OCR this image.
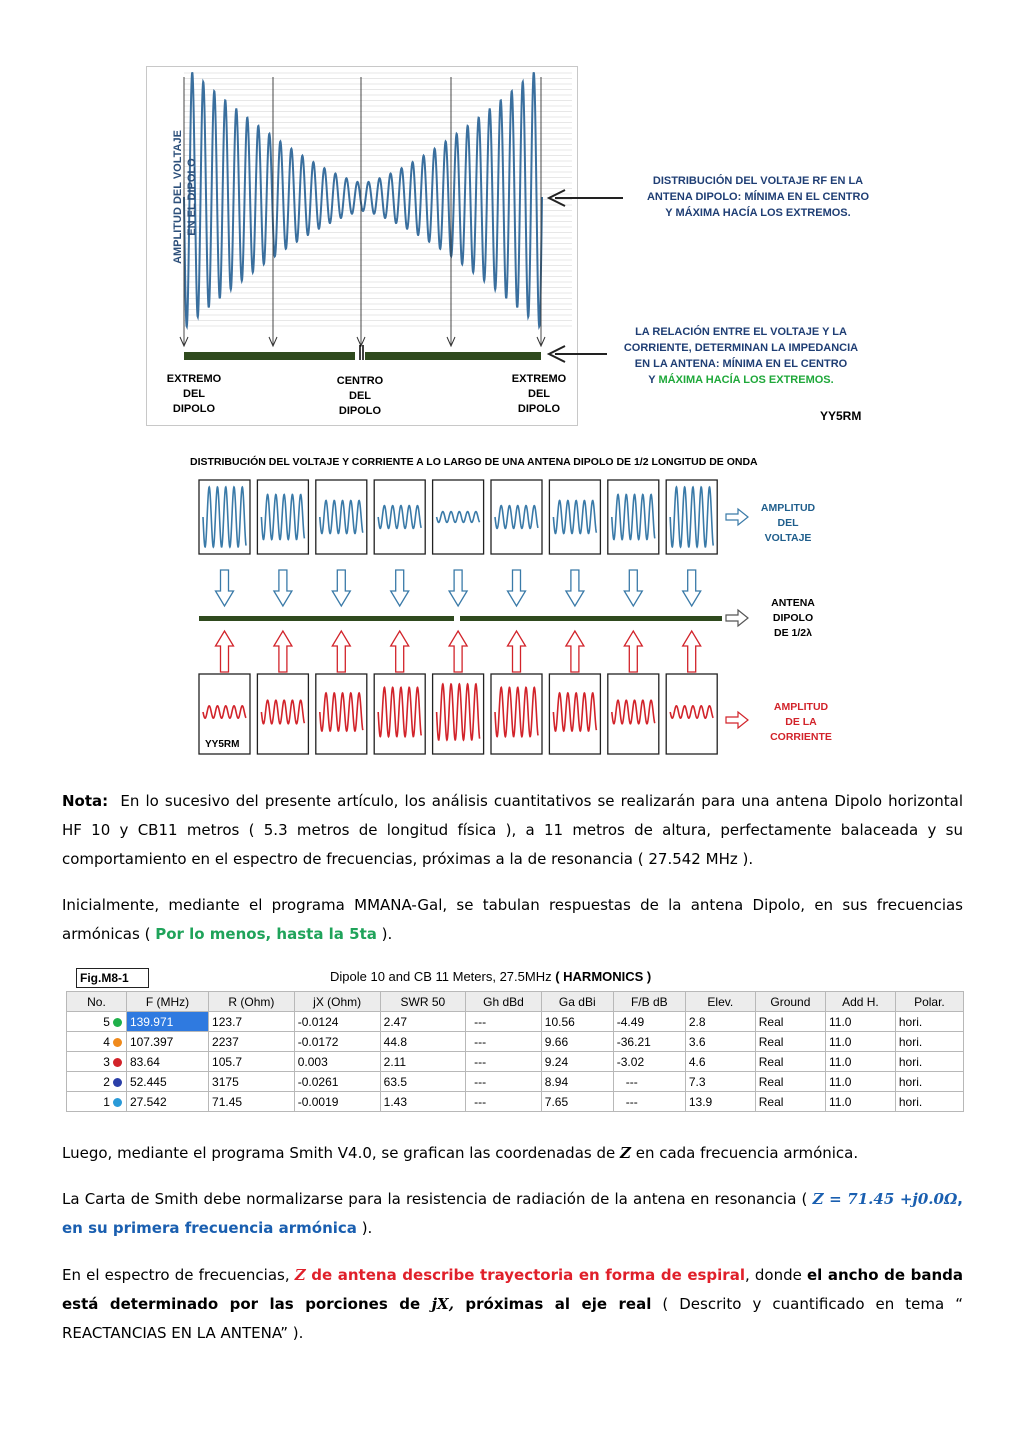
AMPLITUD DEL VOLTAJE EN EL DIPOLO
EXTREMO
DEL
DIPOLO
CENTRO
DEL
DIPOLO
EXTREMO
DEL
DIPOLO
DISTRIBUCIÓN DEL VOLTAJE RF EN LA
ANTENA DIPOLO: MÍNIMA EN EL CENTRO
Y MÁXIMA HACÍA LOS EXTREMOS.
LA RELACIÓN ENTRE EL VOLTAJE Y LA
CORRIENTE, DETERMINAN LA IMPEDANCIA
EN LA ANTENA: MÍNIMA EN EL CENTRO
Y MÁXIMA HACÍA LOS EXTREMOS.
YY5RM
DISTRIBUCIÓN DEL VOLTAJE Y CORRIENTE A LO LARGO DE UNA ANTENA DIPOLO DE 1/2 LONGITUD DE ONDA
AMPLITUD
DEL
VOLTAJE
ANTENA
DIPOLO
DE 1/2λ
AMPLITUD
DE LA
CORRIENTE
YY5RM
Nota: En lo sucesivo del presente artículo, los análisis cuantitativos se realizarán para una antena Dipolo horizontal HF 10 y CB11 metros ( 5.3 metros de longitud física ), a 11 metros de altura, perfectamente balaceada y su comportamiento en el espectro de frecuencias, próximas a la de resonancia ( 27.542 MHz ).
Inicialmente, mediante el programa MMANA-Gal, se tabulan respuestas de la antena Dipolo, en sus frecuencias armónicas ( Por lo menos, hasta la 5ta ).
Fig.M8-1	Dipole 10 and CB 11 Meters, 27.5MHz ( HARMONICS )
No.	F (MHz)	R (Ohm)	jX (Ohm)	SWR 50	Gh dBd	Ga dBi	F/B dB	Elev.	Ground	Add H.	Polar.
5	139.971	123.7	-0.0124	2.47	---	10.56	-4.49	2.8	Real	11.0	hori.
4	107.397	2237	-0.0172	44.8	---	9.66	-36.21	3.6	Real	11.0	hori.
3	83.64	105.7	0.003	2.11	---	9.24	-3.02	4.6	Real	11.0	hori.
2	52.445	3175	-0.0261	63.5	---	8.94	---	7.3	Real	11.0	hori.
1	27.542	71.45	-0.0019	1.43	---	7.65	---	13.9	Real	11.0	hori.
Luego, mediante el programa Smith V4.0, se grafican las coordenadas de Z en cada frecuencia armónica.
La Carta de Smith debe normalizarse para la resistencia de radiación de la antena en resonancia ( Z = 71.45 +j0.0Ω, en su primera frecuencia armónica ).
En el espectro de frecuencias, Z de antena describe trayectoria en forma de espiral, donde el ancho de banda está determinado por las porciones de jX, próximas al eje real ( Descrito y cuantificado en tema “ REACTANCIAS EN LA ANTENA” ).
